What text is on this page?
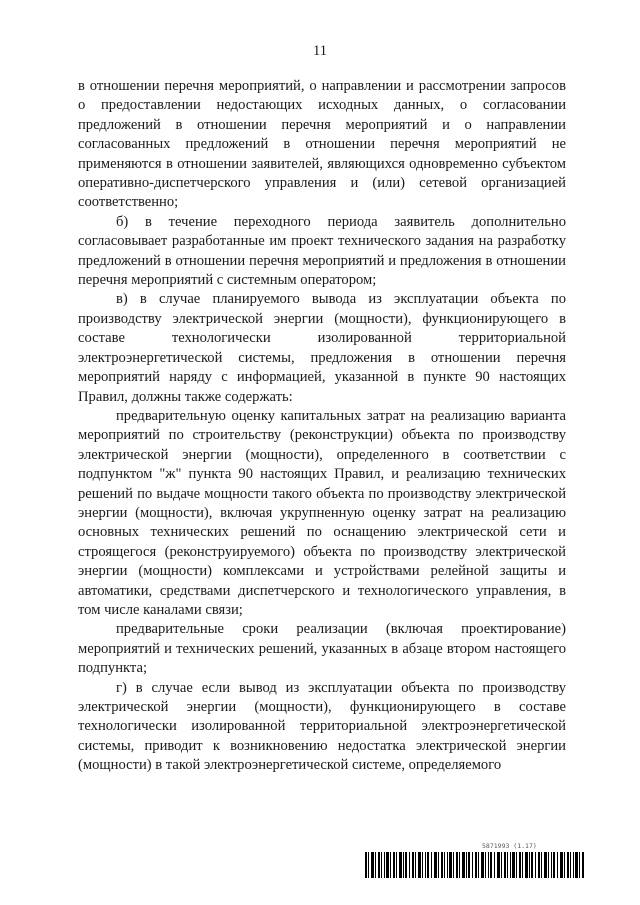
11

в отношении перечня мероприятий, о направлении и рассмотрении запросов о предоставлении недостающих исходных данных, о согласовании предложений в отношении перечня мероприятий и о направлении согласованных предложений в отношении перечня мероприятий не применяются в отношении заявителей, являющихся одновременно субъектом оперативно-диспетчерского управления и (или) сетевой организацией соответственно;

б) в течение переходного периода заявитель дополнительно согласовывает разработанные им проект технического задания на разработку предложений в отношении перечня мероприятий и предложения в отношении перечня мероприятий с системным оператором;

в) в случае планируемого вывода из эксплуатации объекта по производству электрической энергии (мощности), функционирующего в составе технологически изолированной территориальной электроэнергетической системы, предложения в отношении перечня мероприятий наряду с информацией, указанной в пункте 90 настоящих Правил, должны также содержать:

предварительную оценку капитальных затрат на реализацию варианта мероприятий по строительству (реконструкции) объекта по производству электрической энергии (мощности), определенного в соответствии с подпунктом "ж" пункта 90 настоящих Правил, и реализацию технических решений по выдаче мощности такого объекта по производству электрической энергии (мощности), включая укрупненную оценку затрат на реализацию основных технических решений по оснащению электрической сети и строящегося (реконструируемого) объекта по производству электрической энергии (мощности) комплексами и устройствами релейной защиты и автоматики, средствами диспетчерского и технологического управления, в том числе каналами связи;

предварительные сроки реализации (включая проектирование) мероприятий и технических решений, указанных в абзаце втором настоящего подпункта;

г) в случае если вывод из эксплуатации объекта по производству электрической энергии (мощности), функционирующего в составе технологически изолированной территориальной электроэнергетической системы, приводит к возникновению недостатка электрической энергии (мощности) в такой электроэнергетической системе, определяемого

5871993 (1.17)
